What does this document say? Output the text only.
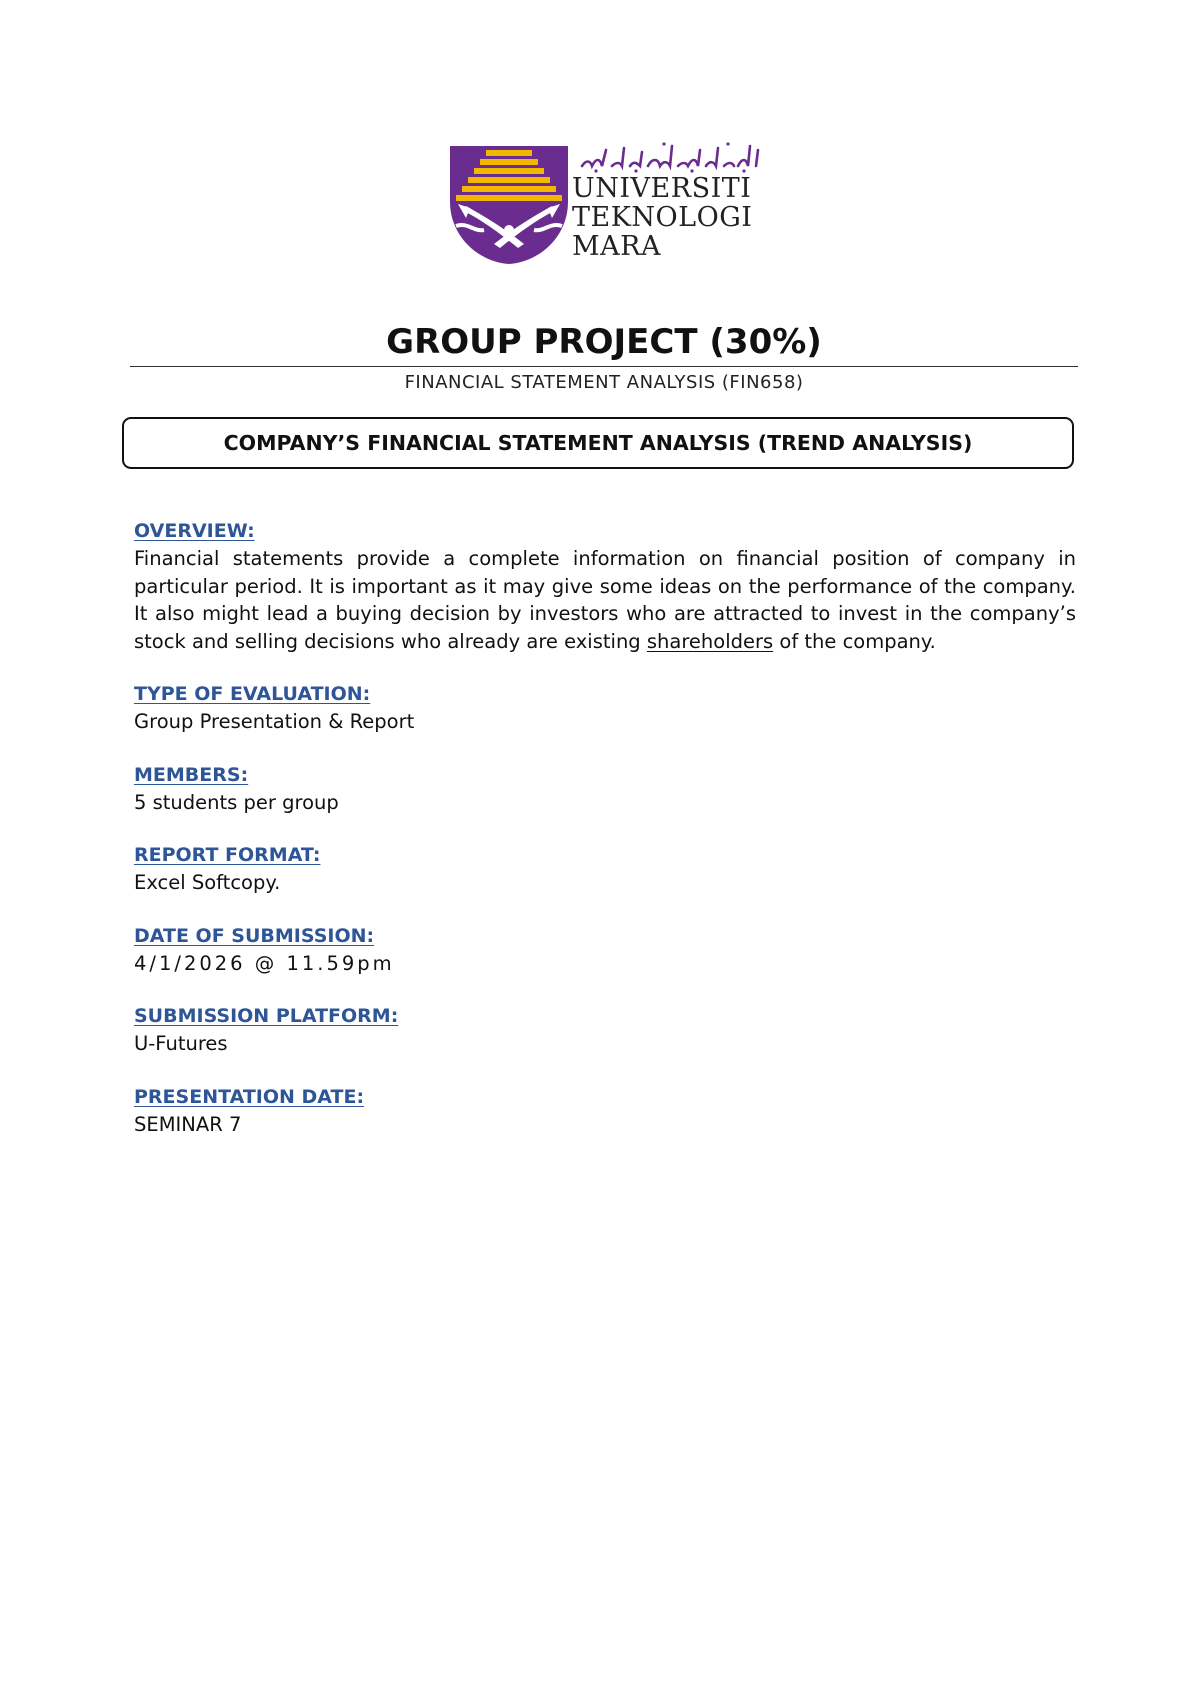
UNIVERSITI
TEKNOLOGI
MARA

GROUP PROJECT (30%)

FINANCIAL STATEMENT ANALYSIS (FIN658)

COMPANY’S FINANCIAL STATEMENT ANALYSIS (TREND ANALYSIS)
OVERVIEW:

Financial statements provide a complete information on financial position of company in particular period. It is important as it may give some ideas on the performance of the company. It also might lead a buying decision by investors who are attracted to invest in the company’s stock and selling decisions who already are existing shareholders of the company.

TYPE OF EVALUATION:

Group Presentation & Report

MEMBERS:

5 students per group

REPORT FORMAT:

Excel Softcopy.

DATE OF SUBMISSION:

4/1/2026 @ 11.59pm

SUBMISSION PLATFORM:

U-Futures

PRESENTATION DATE:

SEMINAR 7
